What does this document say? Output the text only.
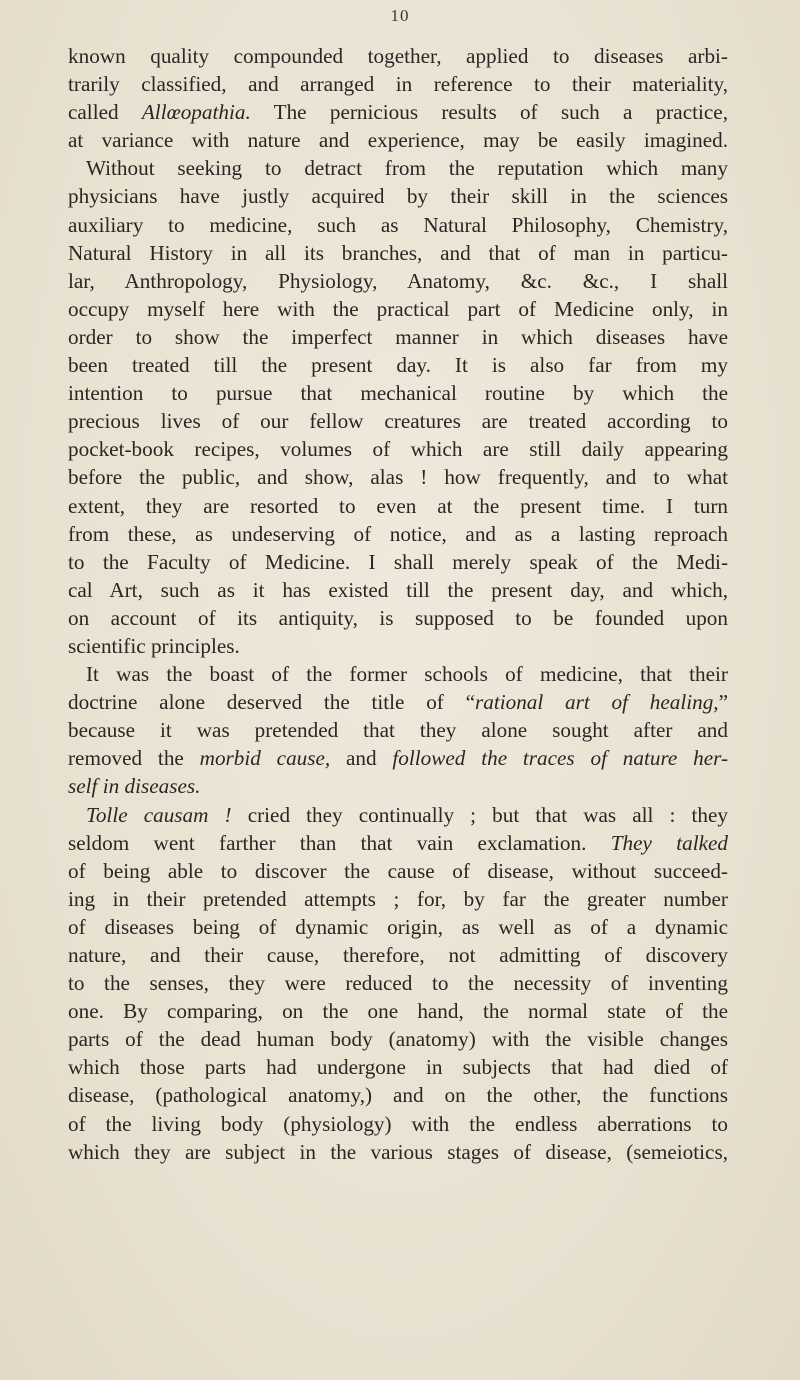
10
known quality compounded together, applied to diseases arbi-
trarily classified, and arranged in reference to their materiality,
called Allœopathia. The pernicious results of such a practice,
at variance with nature and experience, may be easily imagined.
Without seeking to detract from the reputation which many
physicians have justly acquired by their skill in the sciences
auxiliary to medicine, such as Natural Philosophy, Chemistry,
Natural History in all its branches, and that of man in particu-
lar, Anthropology, Physiology, Anatomy, &c. &c., I shall
occupy myself here with the practical part of Medicine only, in
order to show the imperfect manner in which diseases have
been treated till the present day. It is also far from my
intention to pursue that mechanical routine by which the
precious lives of our fellow creatures are treated according to
pocket-book recipes, volumes of which are still daily appearing
before the public, and show, alas ! how frequently, and to what
extent, they are resorted to even at the present time. I turn
from these, as undeserving of notice, and as a lasting reproach
to the Faculty of Medicine. I shall merely speak of the Medi-
cal Art, such as it has existed till the present day, and which,
on account of its antiquity, is supposed to be founded upon
scientific principles.
It was the boast of the former schools of medicine, that their
doctrine alone deserved the title of “rational art of healing,”
because it was pretended that they alone sought after and
removed the morbid cause, and followed the traces of nature her-
self in diseases.
Tolle causam ! cried they continually ; but that was all : they
seldom went farther than that vain exclamation. They talked
of being able to discover the cause of disease, without succeed-
ing in their pretended attempts ; for, by far the greater number
of diseases being of dynamic origin, as well as of a dynamic
nature, and their cause, therefore, not admitting of discovery
to the senses, they were reduced to the necessity of inventing
one. By comparing, on the one hand, the normal state of the
parts of the dead human body (anatomy) with the visible changes
which those parts had undergone in subjects that had died of
disease, (pathological anatomy,) and on the other, the functions
of the living body (physiology) with the endless aberrations to
which they are subject in the various stages of disease, (semeiotics,
